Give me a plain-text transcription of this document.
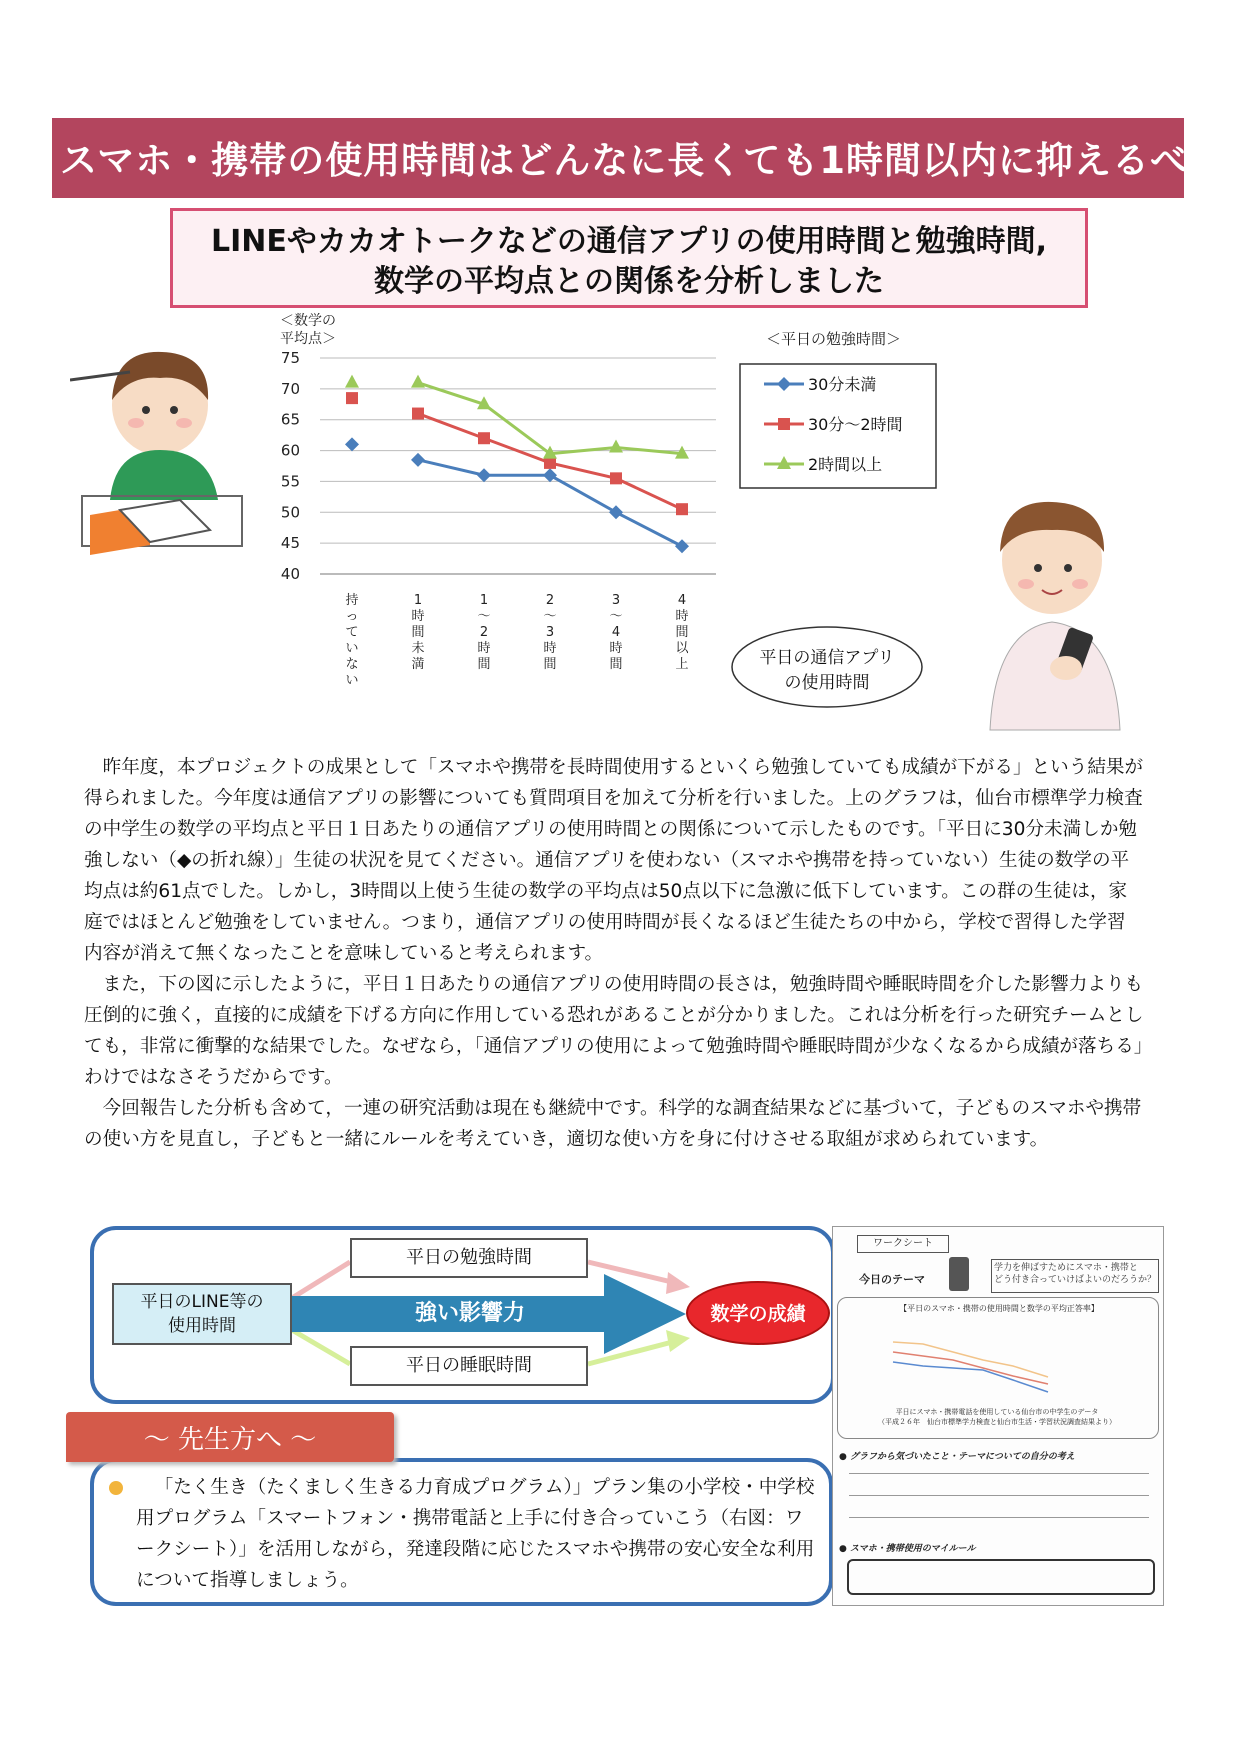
スマホ・携帯の使用時間はどんなに長くても1時間以内に抑えるべき
LINEやカカオトークなどの通信アプリの使用時間と勉強時間,
数学の平均点との関係を分析しました
＜数学の
平均点＞
40
45
50
55
60
65
70
75
持
っ
て
い
な
い
1
時
間
未
満
1
〜
2
時
間
2
〜
3
時
間
3
〜
4
時
間
4
時
間
以
上
＜平日の勉強時間＞
30分未満
30分〜2時間
2時間以上
平日の通信アプリ
の使用時間
昨年度，本プロジェクトの成果として「スマホや携帯を長時間使用するといくら勉強していても成績が下がる」という結果が得られました。今年度は通信アプリの影響についても質問項目を加えて分析を行いました。上のグラフは，仙台市標準学力検査の中学生の数学の平均点と平日１日あたりの通信アプリの使用時間との関係について示したものです。「平日に30分未満しか勉強しない（◆の折れ線）」生徒の状況を見てください。通信アプリを使わない（スマホや携帯を持っていない）生徒の数学の平均点は約61点でした。しかし，3時間以上使う生徒の数学の平均点は50点以下に急激に低下しています。この群の生徒は，家庭ではほとんど勉強をしていません。つまり，通信アプリの使用時間が長くなるほど生徒たちの中から，学校で習得した学習内容が消えて無くなったことを意味していると考えられます。
また，下の図に示したように，平日１日あたりの通信アプリの使用時間の長さは，勉強時間や睡眠時間を介した影響力よりも圧倒的に強く，直接的に成績を下げる方向に作用している恐れがあることが分かりました。これは分析を行った研究チームとしても，非常に衝撃的な結果でした。なぜなら，「通信アプリの使用によって勉強時間や睡眠時間が少なくなるから成績が落ちる」わけではなさそうだからです。
今回報告した分析も含めて，一連の研究活動は現在も継続中です。科学的な調査結果などに基づいて，子どものスマホや携帯の使い方を見直し，子どもと一緒にルールを考えていき，適切な使い方を身に付けさせる取組が求められています。
平日の勉強時間
平日の睡眠時間
平日のLINE等の
使用時間	強い影響力	数学の成績
〜 先生方へ 〜
「たく生き（たくましく生きる力育成プログラム）」プラン集の小学校・中学校用プログラム「スマートフォン・携帯電話と上手に付き合っていこう（右図：ワークシート）」を活用しながら，発達段階に応じたスマホや携帯の安心安全な利用について指導しましょう。
ワークシート
今日のテーマ
学力を伸ばすためにスマホ・携帯と
どう付き合っていけばよいのだろうか？
【平日のスマホ・携帯の使用時間と数学の平均正答率】
平日にスマホ・携帯電話を使用している仙台市の中学生のデータ
（平成２６年　仙台市標準学力検査と仙台市生活・学習状況調査結果より）
● グラフから気づいたこと・テーマについての自分の考え
● スマホ・携帯使用のマイルール
